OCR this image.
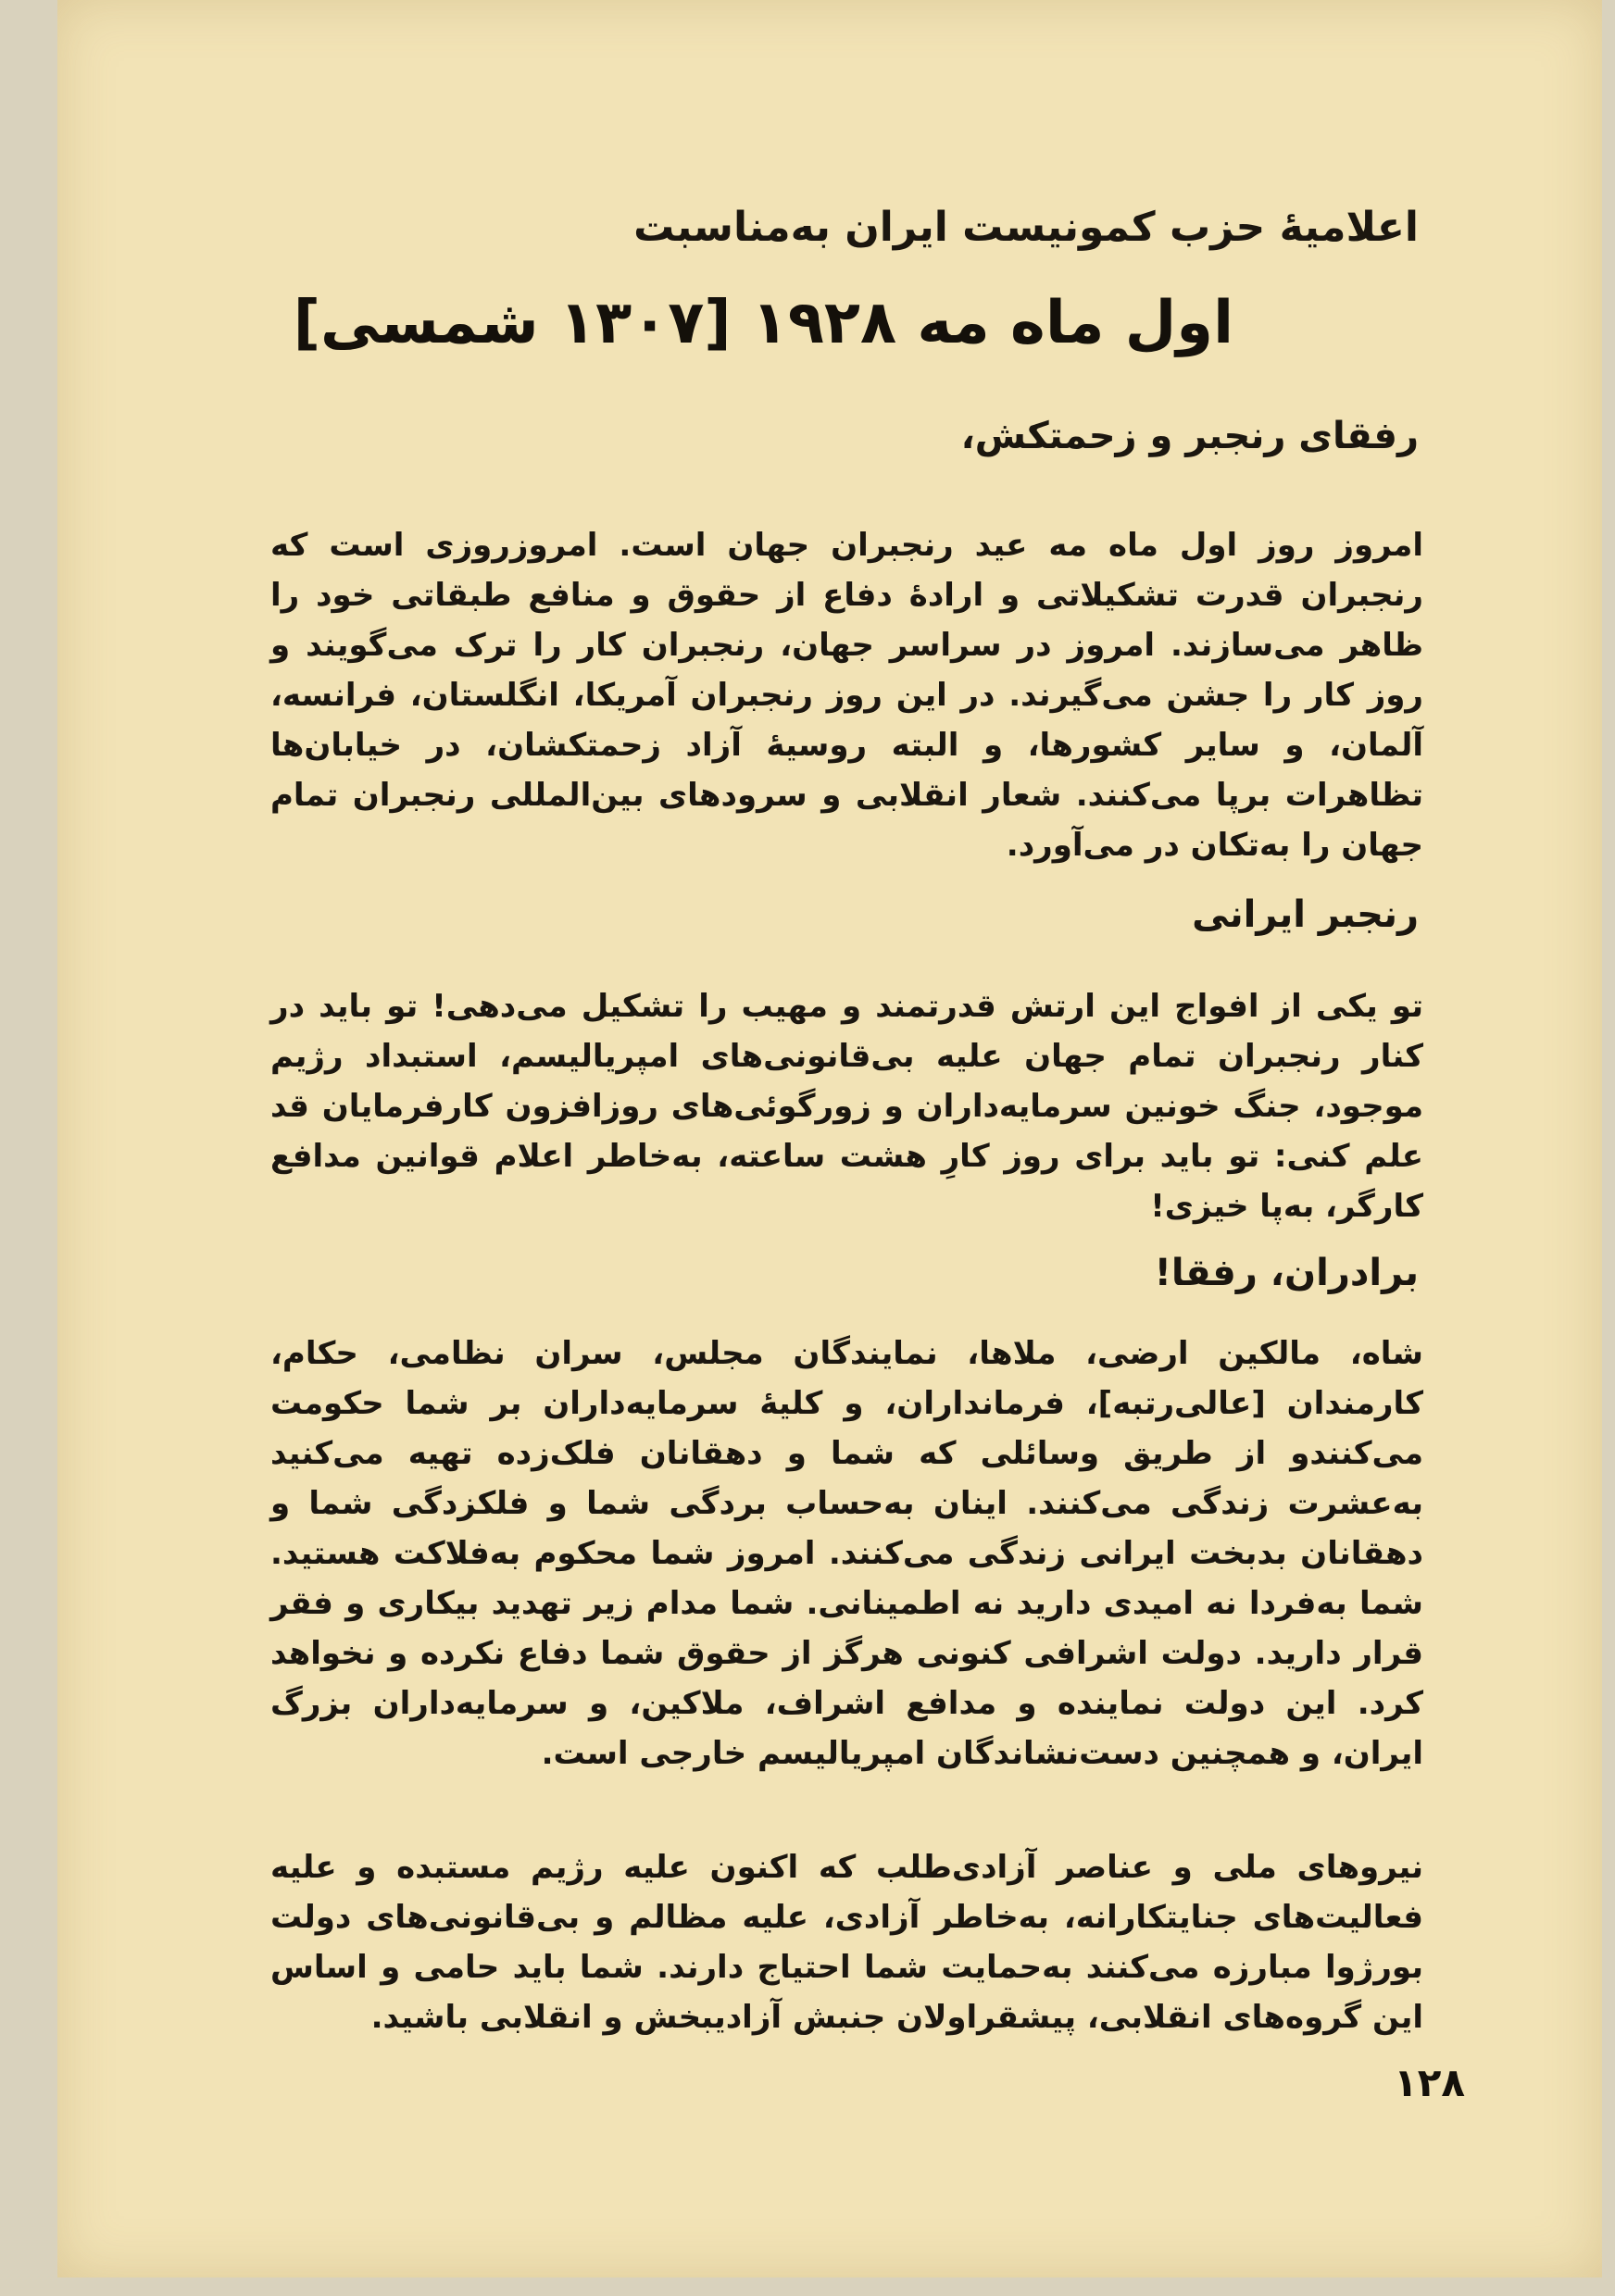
اعلامیهٔ حزب کمونیست ایران به‌مناسبت
اول ماه مه ۱۹۲۸ [۱۳۰۷ شمسی]
رفقای رنجبر و زحمتکش،
امروز روز اول ماه مه عید رنجبران جهان است. امروزروزی است که رنجبران قدرت تشکیلاتی و ارادهٔ دفاع از حقوق و منافع طبقاتی خود را ظاهر می‌سازند. امروز در سراسر جهان، رنجبران کار را ترک می‌گویند و روز کار را جشن می‌گیرند. در این روز رنجبران آمریکا، انگلستان، فرانسه، آلمان، و سایر کشورها، و البته روسیهٔ آزاد زحمتکشان، در خیابان‌ها تظاهرات برپا می‌کنند. شعار انقلابی و سرودهای بین‌المللی رنجبران تمام جهان را به‌تکان در می‌آورد.
رنجبر ایرانی
تو یکی از افواج این ارتش قدرتمند و مهیب را تشکیل می‌دهی! تو باید در کنار رنجبران تمام جهان علیه بی‌قانونی‌های امپریالیسم، استبداد رژیم موجود، جنگ خونین سرمایه‌داران و زورگوئی‌های روزافزون کارفرمایان قد علم کنی: تو باید برای روز کارِ هشت ساعته، به‌خاطر اعلام قوانین مدافع کارگر، به‌پا خیزی!
برادران، رفقا!
شاه، مالکین ارضی، ملاها، نمایندگان مجلس، سران نظامی، حکام، کارمندان [عالی‌رتبه]، فرمانداران، و کلیهٔ سرمایه‌داران بر شما حکومت می‌کنندو از طریق وسائلی که شما و دهقانان فلک‌زده تهیه می‌کنید به‌عشرت زندگی می‌کنند. اینان به‌حساب بردگی شما و فلکزدگی شما و دهقانان بدبخت ایرانی زندگی می‌کنند. امروز شما محکوم به‌فلاکت هستید. شما به‌فردا نه امیدی دارید نه اطمینانی. شما مدام زیر تهدید بیکاری و فقر قرار دارید. دولت اشرافی کنونی هرگز از حقوق شما دفاع نکرده و نخواهد کرد. این دولت نماینده و مدافع اشراف، ملاکین، و سرمایه‌داران بزرگ ایران، و همچنین دست‌نشاندگان امپریالیسم خارجی است.
نیروهای ملی و عناصر آزادی‌طلب که اکنون علیه رژیم مستبده و علیه فعالیت‌های جنایتکارانه، به‌خاطر آزادی، علیه مظالم و بی‌قانونی‌های دولت بورژوا مبارزه می‌کنند به‌حمایت شما احتیاج دارند. شما باید حامی و اساس این گروه‌های انقلابی، پیشقراولان جنبش آزادیبخش و انقلابی باشید.
۱۲۸
